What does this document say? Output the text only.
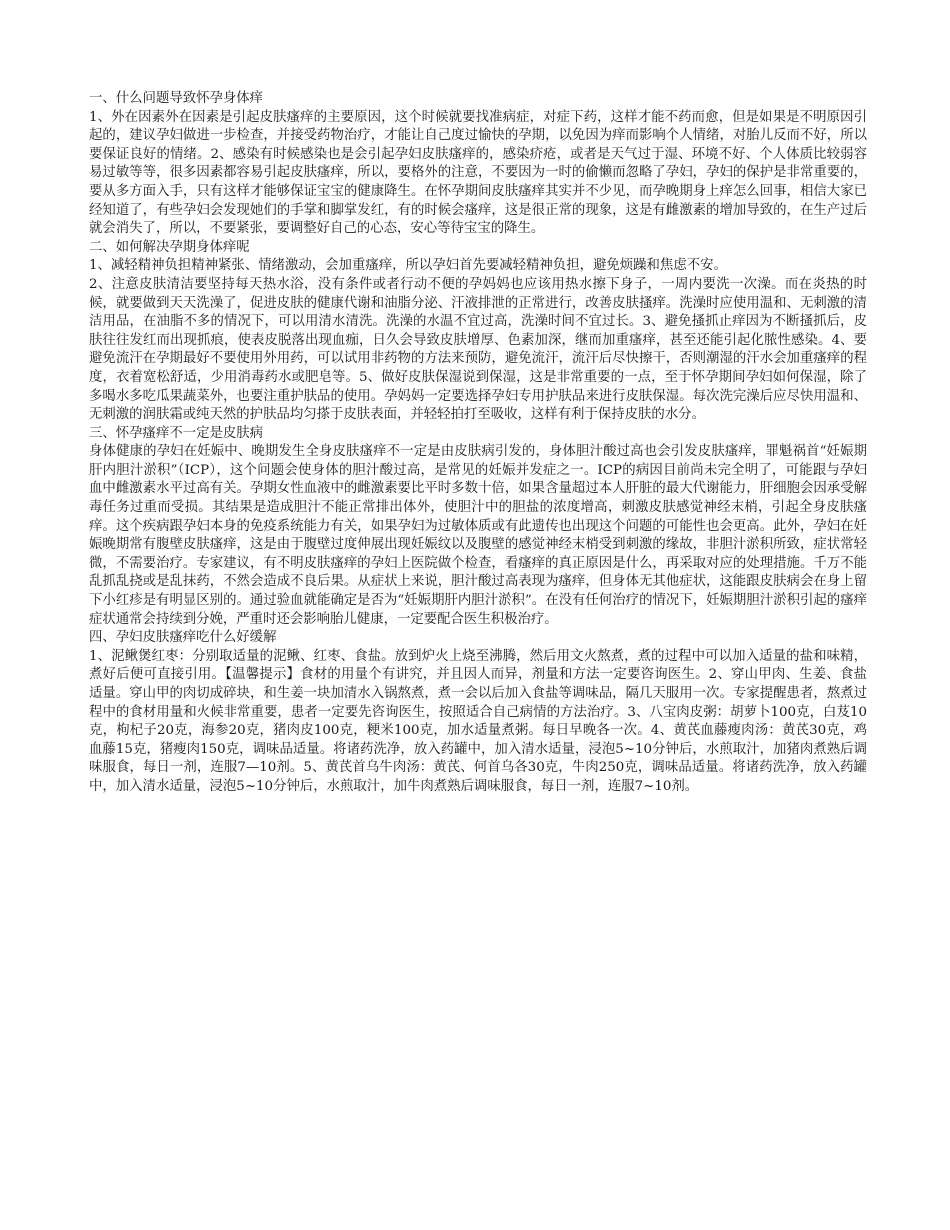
一、什么问题导致怀孕身体痒

1、外在因素外在因素是引起皮肤瘙痒的主要原因，这个时候就要找准病症，对症下药，这样才能不药而愈，但是如果是不明原因引起的，建议孕妇做进一步检查，并接受药物治疗，才能让自己度过愉快的孕期，以免因为痒而影响个人情绪，对胎儿反而不好，所以要保证良好的情绪。2、感染有时候感染也是会引起孕妇皮肤瘙痒的，感染疥疮，或者是天气过于湿、环境不好、个人体质比较弱容易过敏等等，很多因素都容易引起皮肤瘙痒，所以，要格外的注意，不要因为一时的偷懒而忽略了孕妇，孕妇的保护是非常重要的，要从多方面入手，只有这样才能够保证宝宝的健康降生。在怀孕期间皮肤瘙痒其实并不少见，而孕晚期身上痒怎么回事，相信大家已经知道了，有些孕妇会发现她们的手掌和脚掌发红，有的时候会瘙痒，这是很正常的现象，这是有雌激素的增加导致的，在生产过后就会消失了，所以，不要紧张，要调整好自己的心态，安心等待宝宝的降生。

二、如何解决孕期身体痒呢

1、减轻精神负担精神紧张、情绪激动，会加重瘙痒，所以孕妇首先要减轻精神负担，避免烦躁和焦虑不安。

2、注意皮肤清洁要坚持每天热水浴，没有条件或者行动不便的孕妈妈也应该用热水擦下身子，一周内要洗一次澡。而在炎热的时候，就要做到天天洗澡了，促进皮肤的健康代谢和油脂分泌、汗液排泄的正常进行，改善皮肤搔痒。洗澡时应使用温和、无刺激的清洁用品，在油脂不多的情况下，可以用清水清洗。洗澡的水温不宜过高，洗澡时间不宜过长。3、避免搔抓止痒因为不断搔抓后，皮肤往往发红而出现抓痕，使表皮脱落出现血痂，日久会导致皮肤增厚、色素加深，继而加重瘙痒，甚至还能引起化脓性感染。4、要避免流汗在孕期最好不要使用外用药，可以试用非药物的方法来预防，避免流汗，流汗后尽快擦干，否则潮湿的汗水会加重瘙痒的程度，衣着宽松舒适，少用消毒药水或肥皂等。5、做好皮肤保湿说到保湿，这是非常重要的一点，至于怀孕期间孕妇如何保湿，除了多喝水多吃瓜果蔬菜外，也要注重护肤品的使用。孕妈妈一定要选择孕妇专用护肤品来进行皮肤保湿。每次洗完澡后应尽快用温和、无刺激的润肤霜或纯天然的护肤品均匀搽于皮肤表面，并轻轻拍打至吸收，这样有利于保持皮肤的水分。

三、怀孕瘙痒不一定是皮肤病

身体健康的孕妇在妊娠中、晚期发生全身皮肤瘙痒不一定是由皮肤病引发的，身体胆汁酸过高也会引发皮肤瘙痒，罪魁祸首“妊娠期肝内胆汁淤积”（ICP），这个问题会使身体的胆汁酸过高，是常见的妊娠并发症之一。ICP的病因目前尚未完全明了，可能跟与孕妇血中雌激素水平过高有关。孕期女性血液中的雌激素要比平时多数十倍，如果含量超过本人肝脏的最大代谢能力，肝细胞会因承受解毒任务过重而受损。其结果是造成胆汁不能正常排出体外，使胆汁中的胆盐的浓度增高，刺激皮肤感觉神经末梢，引起全身皮肤瘙痒。这个疾病跟孕妇本身的免疫系统能力有关，如果孕妇为过敏体质或有此遗传也出现这个问题的可能性也会更高。此外，孕妇在妊娠晚期常有腹壁皮肤瘙痒，这是由于腹壁过度伸展出现妊娠纹以及腹壁的感觉神经末梢受到刺激的缘故，非胆汁淤积所致，症状常轻微，不需要治疗。专家建议，有不明皮肤瘙痒的孕妇上医院做个检查，看瘙痒的真正原因是什么，再采取对应的处理措施。千万不能乱抓乱挠或是乱抹药，不然会造成不良后果。从症状上来说，胆汁酸过高表现为瘙痒，但身体无其他症状，这能跟皮肤病会在身上留下小红疹是有明显区别的。通过验血就能确定是否为“妊娠期肝内胆汁淤积”。在没有任何治疗的情况下，妊娠期胆汁淤积引起的瘙痒症状通常会持续到分娩，严重时还会影响胎儿健康，一定要配合医生积极治疗。

四、孕妇皮肤瘙痒吃什么好缓解

1、泥鳅煲红枣：分别取适量的泥鳅、红枣、食盐。放到炉火上烧至沸腾，然后用文火熬煮，煮的过程中可以加入适量的盐和味精，煮好后便可直接引用。【温馨提示】食材的用量个有讲究，并且因人而异，剂量和方法一定要咨询医生。2、穿山甲肉、生姜、食盐适量。穿山甲的肉切成碎块，和生姜一块加清水入锅熬煮，煮一会以后加入食盐等调味品，隔几天服用一次。专家提醒患者，熬煮过程中的食材用量和火候非常重要，患者一定要先咨询医生，按照适合自己病情的方法治疗。3、八宝肉皮粥：胡萝卜100克，白芨10克，枸杞子20克，海参20克，猪肉皮100克，粳米100克，加水适量煮粥。每日早晚各一次。4、黄芪血藤瘦肉汤：黄芪30克，鸡血藤15克，猪瘦肉150克，调味品适量。将诸药洗净，放入药罐中，加入清水适量，浸泡5~10分钟后，水煎取汁，加猪肉煮熟后调味服食，每日一剂，连服7—10剂。5、黄芪首乌牛肉汤：黄芪、何首乌各30克，牛肉250克，调味品适量。将诸药洗净，放入药罐中，加入清水适量，浸泡5~10分钟后，水煎取汁，加牛肉煮熟后调味服食，每日一剂，连服7~10剂。
